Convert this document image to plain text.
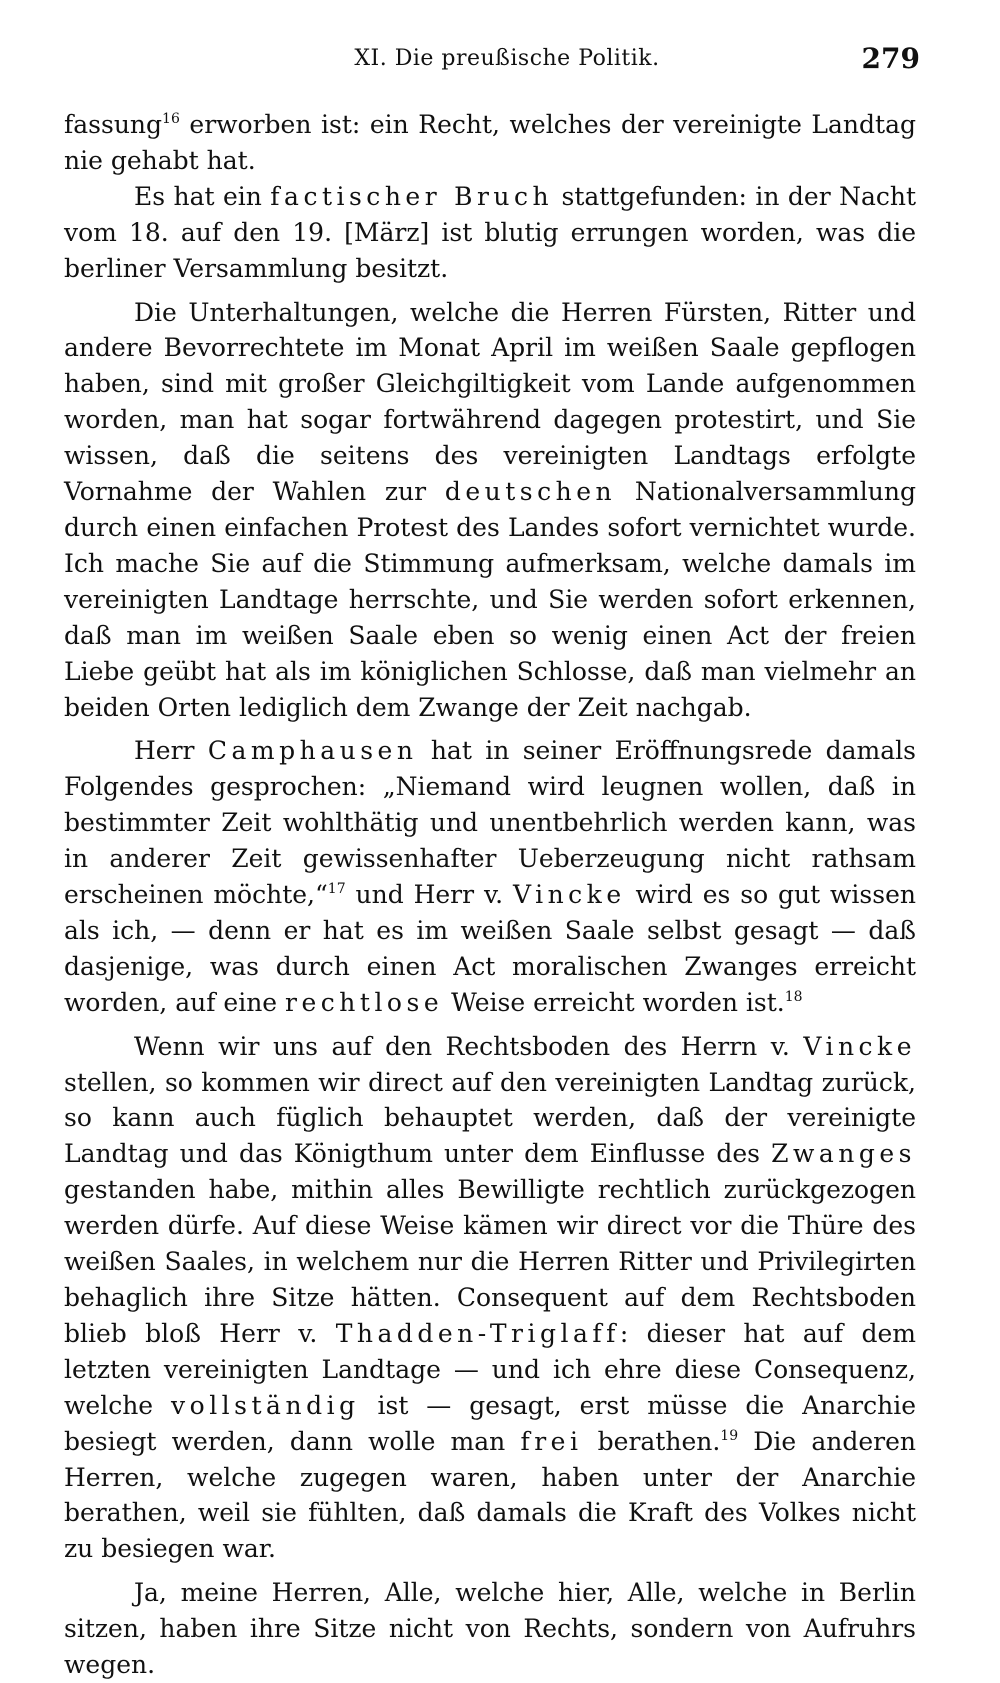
XI. Die preußische Politik.	279

fassung$^{16}$ erworben ist: ein Recht, welches der vereinigte Landtag nie gehabt hat.

Es hat ein factischer Bruch stattgefunden: in der Nacht vom 18. auf den 19. [März] ist blutig errungen worden, was die berliner Versammlung besitzt.

Die Unterhaltungen, welche die Herren Fürsten, Ritter und andere Bevorrechtete im Monat April im weißen Saale gepflogen haben, sind mit großer Gleichgiltigkeit vom Lande aufgenommen worden, man hat sogar fortwährend dagegen protestirt, und Sie wissen, daß die seitens des vereinigten Landtags erfolgte Vornahme der Wahlen zur deutschen Nationalversammlung durch einen einfachen Protest des Landes sofort vernichtet wurde. Ich mache Sie auf die Stimmung aufmerksam, welche damals im vereinigten Landtage herrschte, und Sie werden sofort erkennen, daß man im weißen Saale eben so wenig einen Act der freien Liebe geübt hat als im königlichen Schlosse, daß man vielmehr an beiden Orten lediglich dem Zwange der Zeit nachgab.

Herr Camphausen hat in seiner Eröffnungsrede damals Folgendes gesprochen: „Niemand wird leugnen wollen, daß in bestimmter Zeit wohlthätig und unentbehrlich werden kann, was in anderer Zeit gewissenhafter Ueberzeugung nicht rathsam erscheinen möchte,“$^{17}$ und Herr v. Vincke wird es so gut wissen als ich, — denn er hat es im weißen Saale selbst gesagt — daß dasjenige, was durch einen Act moralischen Zwanges erreicht worden, auf eine rechtlose Weise erreicht worden ist.$^{18}$

Wenn wir uns auf den Rechtsboden des Herrn v. Vincke stellen, so kommen wir direct auf den vereinigten Landtag zurück, so kann auch füglich behauptet werden, daß der vereinigte Landtag und das Königthum unter dem Einflusse des Zwanges gestanden habe, mithin alles Bewilligte rechtlich zurückgezogen werden dürfe. Auf diese Weise kämen wir direct vor die Thüre des weißen Saales, in welchem nur die Herren Ritter und Privilegirten behaglich ihre Sitze hätten. Consequent auf dem Rechtsboden blieb bloß Herr v. Thadden-Triglaff: dieser hat auf dem letzten vereinigten Landtage — und ich ehre diese Consequenz, welche vollständig ist — gesagt, erst müsse die Anarchie besiegt werden, dann wolle man frei berathen.$^{19}$ Die anderen Herren, welche zugegen waren, haben unter der Anarchie berathen, weil sie fühlten, daß damals die Kraft des Volkes nicht zu besiegen war.

Ja, meine Herren, Alle, welche hier, Alle, welche in Berlin sitzen, haben ihre Sitze nicht von Rechts, sondern von Aufruhrs wegen.
